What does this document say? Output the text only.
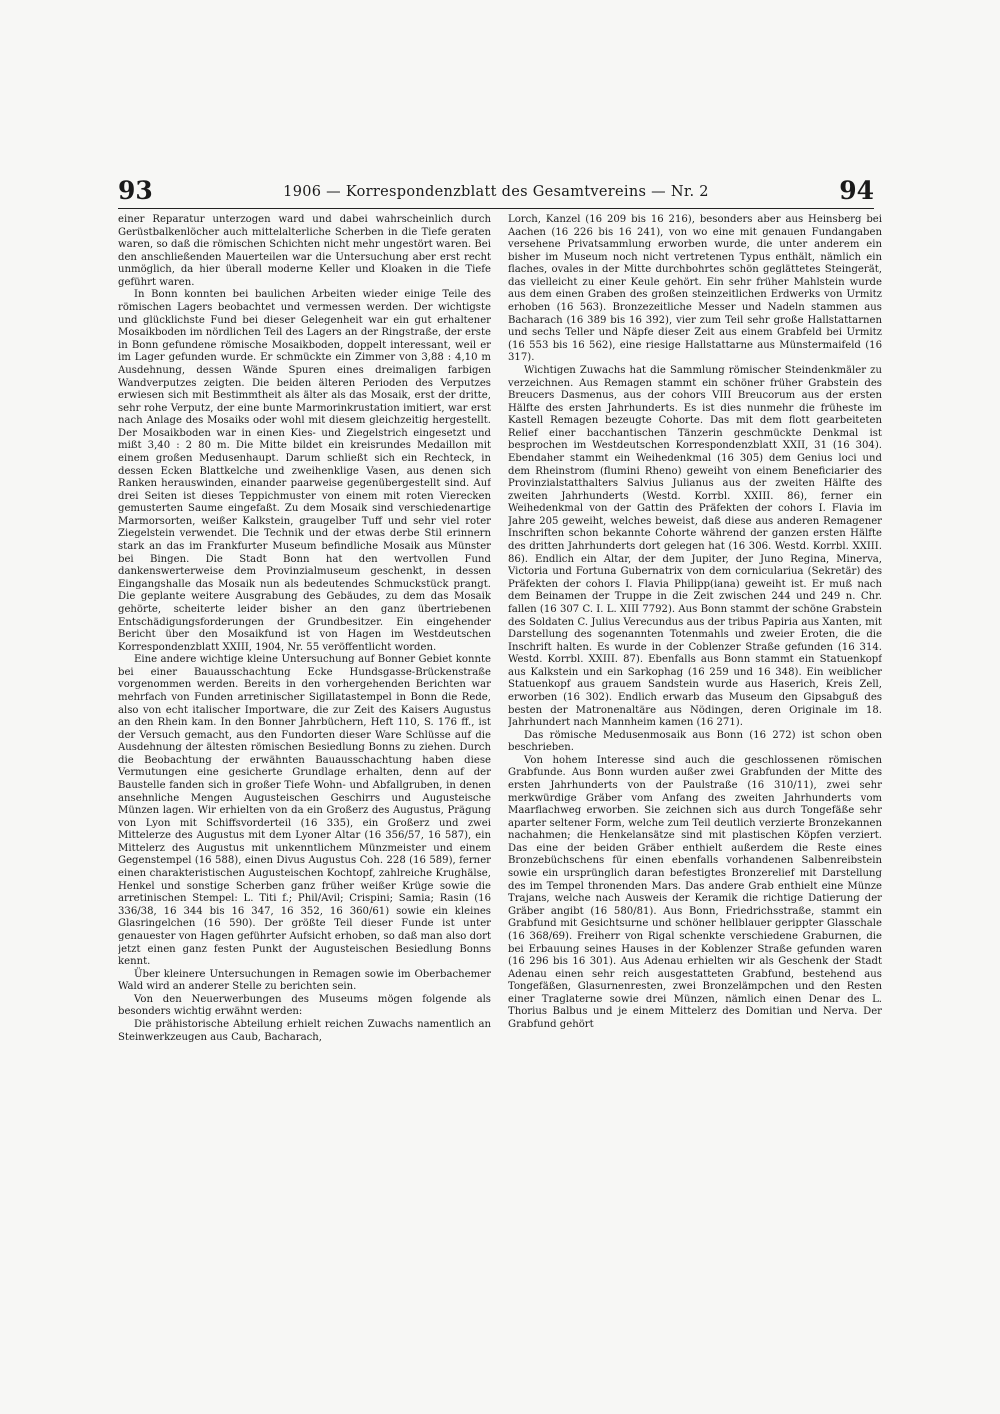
93	1906 — Korrespondenzblatt des Gesamtvereins — Nr. 2	94

einer Reparatur unterzogen ward und dabei wahrscheinlich durch Gerüstbalkenlöcher auch mittelalterliche Scherben in die Tiefe geraten waren, so daß die römischen Schichten nicht mehr ungestört waren. Bei den anschließenden Mauerteilen war die Untersuchung aber erst recht unmöglich, da hier überall moderne Keller und Kloaken in die Tiefe geführt waren.

In Bonn konnten bei baulichen Arbeiten wieder einige Teile des römischen Lagers beobachtet und vermessen werden. Der wichtigste und glücklichste Fund bei dieser Gelegenheit war ein gut erhaltener Mosaikboden im nördlichen Teil des Lagers an der Ringstraße, der erste in Bonn gefundene römische Mosaikboden, doppelt interessant, weil er im Lager gefunden wurde. Er schmückte ein Zimmer von 3,88 : 4,10 m Ausdehnung, dessen Wände Spuren eines dreimaligen farbigen Wandverputzes zeigten. Die beiden älteren Perioden des Verputzes erwiesen sich mit Bestimmtheit als älter als das Mosaik, erst der dritte, sehr rohe Verputz, der eine bunte Marmorinkrustation imitiert, war erst nach Anlage des Mosaiks oder wohl mit diesem gleichzeitig hergestellt. Der Mosaikboden war in einen Kies- und Ziegelstrich eingesetzt und mißt 3,40 : 2 80 m. Die Mitte bildet ein kreisrundes Medaillon mit einem großen Medusenhaupt. Darum schließt sich ein Rechteck, in dessen Ecken Blattkelche und zweihenklige Vasen, aus denen sich Ranken herauswinden, einander paarweise gegenübergestellt sind. Auf drei Seiten ist dieses Teppichmuster von einem mit roten Vierecken gemusterten Saume eingefaßt. Zu dem Mosaik sind verschiedenartige Marmorsorten, weißer Kalkstein, graugelber Tuff und sehr viel roter Ziegelstein verwendet. Die Technik und der etwas derbe Stil erinnern stark an das im Frankfurter Museum befindliche Mosaik aus Münster bei Bingen. Die Stadt Bonn hat den wertvollen Fund dankenswerterweise dem Provinzialmuseum geschenkt, in dessen Eingangshalle das Mosaik nun als bedeutendes Schmuckstück prangt. Die geplante weitere Ausgrabung des Gebäudes, zu dem das Mosaik gehörte, scheiterte leider bisher an den ganz übertriebenen Entschädigungsforderungen der Grundbesitzer. Ein eingehender Bericht über den Mosaikfund ist von Hagen im Westdeutschen Korrespondenzblatt XXIII, 1904, Nr. 55 veröffentlicht worden.

Eine andere wichtige kleine Untersuchung auf Bonner Gebiet konnte bei einer Bauausschachtung Ecke Hundsgasse-Brückenstraße vorgenommen werden. Bereits in den vorhergehenden Berichten war mehrfach von Funden arretinischer Sigillatastempel in Bonn die Rede, also von echt italischer Importware, die zur Zeit des Kaisers Augustus an den Rhein kam. In den Bonner Jahrbüchern, Heft 110, S. 176 ff., ist der Versuch gemacht, aus den Fundorten dieser Ware Schlüsse auf die Ausdehnung der ältesten römischen Besiedlung Bonns zu ziehen. Durch die Beobachtung der erwähnten Bauausschachtung haben diese Vermutungen eine gesicherte Grundlage erhalten, denn auf der Baustelle fanden sich in großer Tiefe Wohn- und Abfallgruben, in denen ansehnliche Mengen Augusteischen Geschirrs und Augusteische Münzen lagen. Wir erhielten von da ein Großerz des Augustus, Prägung von Lyon mit Schiffsvorderteil (16 335), ein Großerz und zwei Mittelerze des Augustus mit dem Lyoner Altar (16 356/57, 16 587), ein Mittelerz des Augustus mit unkenntlichem Münzmeister und einem Gegenstempel (16 588), einen Divus Augustus Coh. 228 (16 589), ferner einen charakteristischen Augusteischen Kochtopf, zahlreiche Krughälse, Henkel und sonstige Scherben ganz früher weißer Krüge sowie die arretinischen Stempel: L. Titi f.; Phil/Avil; Crispini; Samia; Rasin (16 336/38, 16 344 bis 16 347, 16 352, 16 360/61) sowie ein kleines Glasringelchen (16 590). Der größte Teil dieser Funde ist unter genauester von Hagen geführter Aufsicht erhoben, so daß man also dort jetzt einen ganz festen Punkt der Augusteischen Besiedlung Bonns kennt.

Über kleinere Untersuchungen in Remagen sowie im Oberbachemer Wald wird an anderer Stelle zu berichten sein.

Von den Neuerwerbungen des Museums mögen folgende als besonders wichtig erwähnt werden:

Die prähistorische Abteilung erhielt reichen Zuwachs namentlich an Steinwerkzeugen aus Caub, Bacharach,

Lorch, Kanzel (16 209 bis 16 216), besonders aber aus Heinsberg bei Aachen (16 226 bis 16 241), von wo eine mit genauen Fundangaben versehene Privatsammlung erworben wurde, die unter anderem ein bisher im Museum noch nicht vertretenen Typus enthält, nämlich ein flaches, ovales in der Mitte durchbohrtes schön geglättetes Steingerät, das vielleicht zu einer Keule gehört. Ein sehr früher Mahlstein wurde aus dem einen Graben des großen steinzeitlichen Erdwerks von Urmitz erhoben (16 563). Bronzezeitliche Messer und Nadeln stammen aus Bacharach (16 389 bis 16 392), vier zum Teil sehr große Hallstattarnen und sechs Teller und Näpfe dieser Zeit aus einem Grabfeld bei Urmitz (16 553 bis 16 562), eine riesige Hallstattarne aus Münstermaifeld (16 317).

Wichtigen Zuwachs hat die Sammlung römischer Steindenkmäler zu verzeichnen. Aus Remagen stammt ein schöner früher Grabstein des Breucers Dasmenus, aus der cohors VIII Breucorum aus der ersten Hälfte des ersten Jahrhunderts. Es ist dies nunmehr die früheste im Kastell Remagen bezeugte Cohorte. Das mit dem flott gearbeiteten Relief einer bacchantischen Tänzerin geschmückte Denkmal ist besprochen im Westdeutschen Korrespondenzblatt XXII, 31 (16 304). Ebendaher stammt ein Weihedenkmal (16 305) dem Genius loci und dem Rheinstrom (flumini Rheno) geweiht von einem Beneficiarier des Provinzialstatthalters Salvius Julianus aus der zweiten Hälfte des zweiten Jahrhunderts (Westd. Korrbl. XXIII. 86), ferner ein Weihedenkmal von der Gattin des Präfekten der cohors I. Flavia im Jahre 205 geweiht, welches beweist, daß diese aus anderen Remagener Inschriften schon bekannte Cohorte während der ganzen ersten Hälfte des dritten Jahrhunderts dort gelegen hat (16 306. Westd. Korrbl. XXIII. 86). Endlich ein Altar, der dem Jupiter, der Juno Regina, Minerva, Victoria und Fortuna Gubernatrix von dem corniculariua (Sekretär) des Präfekten der cohors I. Flavia Philipp(iana) geweiht ist. Er muß nach dem Beinamen der Truppe in die Zeit zwischen 244 und 249 n. Chr. fallen (16 307 C. I. L. XIII 7792). Aus Bonn stammt der schöne Grabstein des Soldaten C. Julius Verecundus aus der tribus Papiria aus Xanten, mit Darstellung des sogenannten Totenmahls und zweier Eroten, die die Inschrift halten. Es wurde in der Coblenzer Straße gefunden (16 314. Westd. Korrbl. XXIII. 87). Ebenfalls aus Bonn stammt ein Statuenkopf aus Kalkstein und ein Sarkophag (16 259 und 16 348). Ein weiblicher Statuenkopf aus grauem Sandstein wurde aus Haserich, Kreis Zell, erworben (16 302). Endlich erwarb das Museum den Gipsabguß des besten der Matronenaltäre aus Nödingen, deren Originale im 18. Jahrhundert nach Mannheim kamen (16 271).

Das römische Medusenmosaik aus Bonn (16 272) ist schon oben beschrieben.

Von hohem Interesse sind auch die geschlossenen römischen Grabfunde. Aus Bonn wurden außer zwei Grabfunden der Mitte des ersten Jahrhunderts von der Paulstraße (16 310/11), zwei sehr merkwürdige Gräber vom Anfang des zweiten Jahrhunderts vom Maarflachweg erworben. Sie zeichnen sich aus durch Tongefäße sehr aparter seltener Form, welche zum Teil deutlich verzierte Bronzekannen nachahmen; die Henkelansätze sind mit plastischen Köpfen verziert. Das eine der beiden Gräber enthielt außerdem die Reste eines Bronzebüchschens für einen ebenfalls vorhandenen Salbenreibstein sowie ein ursprünglich daran befestigtes Bronzerelief mit Darstellung des im Tempel thronenden Mars. Das andere Grab enthielt eine Münze Trajans, welche nach Ausweis der Keramik die richtige Datierung der Gräber angibt (16 580/81). Aus Bonn, Friedrichsstraße, stammt ein Grabfund mit Gesichtsurne und schöner hellblauer gerippter Glasschale (16 368/69). Freiherr von Rigal schenkte verschiedene Graburnen, die bei Erbauung seines Hauses in der Koblenzer Straße gefunden waren (16 296 bis 16 301). Aus Adenau erhielten wir als Geschenk der Stadt Adenau einen sehr reich ausgestatteten Grabfund, bestehend aus Tongefäßen, Glasurnenresten, zwei Bronzelämpchen und den Resten einer Traglaterne sowie drei Münzen, nämlich einen Denar des L. Thorius Balbus und je einem Mittelerz des Domitian und Nerva. Der Grabfund gehört
